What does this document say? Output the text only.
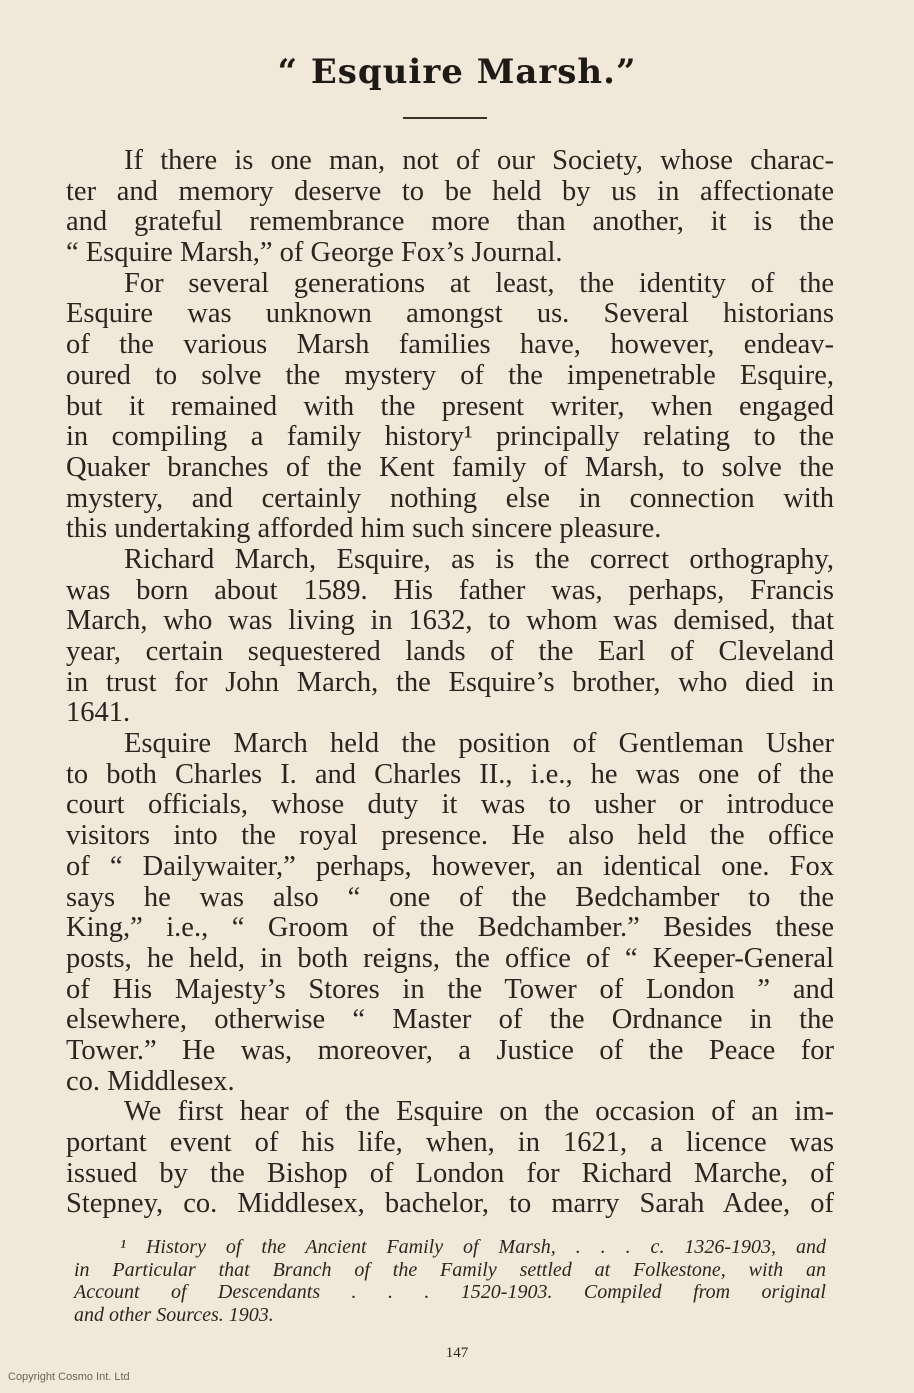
“ Esquire Marsh.”
If there is one man, not of our Society, whose charac-
ter and memory deserve to be held by us in affectionate
and grateful remembrance more than another, it is the
“ Esquire Marsh,” of George Fox’s Journal.
For several generations at least, the identity of the
Esquire was unknown amongst us. Several historians
of the various Marsh families have, however, endeav-
oured to solve the mystery of the impenetrable Esquire,
but it remained with the present writer, when engaged
in compiling a family history¹ principally relating to the
Quaker branches of the Kent family of Marsh, to solve the
mystery, and certainly nothing else in connection with
this undertaking afforded him such sincere pleasure.
Richard March, Esquire, as is the correct orthography,
was born about 1589. His father was, perhaps, Francis
March, who was living in 1632, to whom was demised, that
year, certain sequestered lands of the Earl of Cleveland
in trust for John March, the Esquire’s brother, who died in
1641.
Esquire March held the position of Gentleman Usher
to both Charles I. and Charles II., i.e., he was one of the
court officials, whose duty it was to usher or introduce
visitors into the royal presence. He also held the office
of “ Dailywaiter,” perhaps, however, an identical one. Fox
says he was also “ one of the Bedchamber to the
King,” i.e., “ Groom of the Bedchamber.” Besides these
posts, he held, in both reigns, the office of “ Keeper-General
of His Majesty’s Stores in the Tower of London ” and
elsewhere, otherwise “ Master of the Ordnance in the
Tower.” He was, moreover, a Justice of the Peace for
co. Middlesex.
We first hear of the Esquire on the occasion of an im-
portant event of his life, when, in 1621, a licence was
issued by the Bishop of London for Richard Marche, of
Stepney, co. Middlesex, bachelor, to marry Sarah Adee, of
¹ History of the Ancient Family of Marsh, . . . c. 1326-1903, and
in Particular that Branch of the Family settled at Folkestone, with an
Account of Descendants . . . 1520-1903. Compiled from original
and other Sources. 1903.
147
Copyright Cosmo Int. Ltd
